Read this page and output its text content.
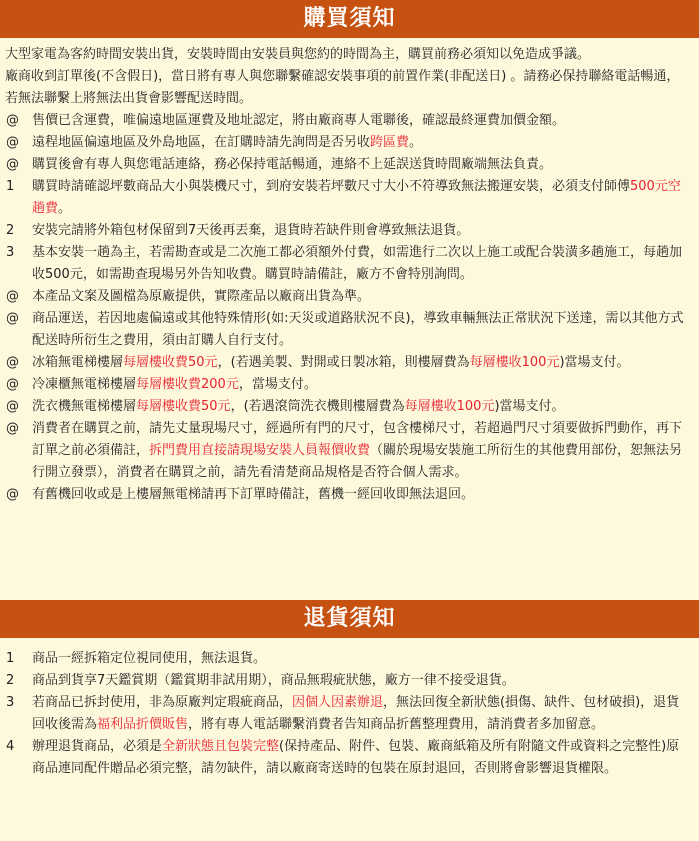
購買須知

大型家電為客約時間安裝出貨，安裝時間由安裝員與您約的時間為主，購買前務必須知以免造成爭議。

廠商收到訂單後(不含假日)，當日將有專人與您聯繫確認安裝事項的前置作業(非配送日) 。請務必保持聯絡電話暢通，若無法聯繫上將無法出貨會影響配送時間。

@	售價已含運費，唯偏遠地區運費及地址認定，將由廠商專人電聯後，確認最終運費加價金額。
@	遠程地區偏遠地區及外島地區，在訂購時請先詢問是否另收跨區費。
@	購買後會有專人與您電話連絡，務必保持電話暢通，連絡不上延誤送貨時間廠端無法負責。
1	購買時請確認坪數商品大小與裝機尺寸，到府安裝若坪數尺寸大小不符導致無法搬運安裝，必須支付師傅500元空趟費。
2	安裝完請將外箱包材保留到7天後再丟棄，退貨時若缺件則會導致無法退貨。
3	基本安裝一趟為主，若需勘查或是二次施工都必須額外付費，如需進行二次以上施工或配合裝潢多趟施工，每趟加收500元，如需勘查現場另外告知收費。購買時請備註，廠方不會特別詢問。
@	本產品文案及圖檔為原廠提供，實際產品以廠商出貨為準。
@	商品運送，若因地處偏遠或其他特殊情形(如:天災或道路狀況不良)，導致車輛無法正常狀況下送達，需以其他方式配送時所衍生之費用，須由訂購人自行支付。
@	冰箱無電梯樓層每層樓收費50元，(若遇美製、對開或日製冰箱，則樓層費為每層樓收100元)當場支付。
@	冷凍櫃無電梯樓層每層樓收費200元，當場支付。
@	洗衣機無電梯樓層每層樓收費50元，(若遇滾筒洗衣機則樓層費為每層樓收100元)當場支付。
@	消費者在購買之前，請先丈量現場尺寸，經過所有門的尺寸，包含樓梯尺寸，若超過門尺寸須要做拆門動作，再下訂單之前必須備註，拆門費用直接請現場安裝人員報價收費（關於現場安裝施工所衍生的其他費用部份，恕無法另行開立發票），消費者在購買之前，請先看清楚商品規格是否符合個人需求。
@	有舊機回收或是上樓層無電梯請再下訂單時備註，舊機一經回收即無法退回。
退貨須知
1	商品一經拆箱定位視同使用，無法退貨。
2	商品到貨享7天鑑賞期（鑑賞期非試用期），商品無瑕疵狀態，廠方一律不接受退貨。
3	若商品已拆封使用，非為原廠判定瑕疵商品，因個人因素辦退，無法回復全新狀態(損傷、缺件、包材破損)，退貨回收後需為福利品折價販售，將有專人電話聯繫消費者告知商品折舊整理費用，請消費者多加留意。
4	辦理退貨商品，必須是全新狀態且包裝完整(保持產品、附件、包裝、廠商紙箱及所有附隨文件或資料之完整性)原商品連同配件贈品必須完整，請勿缺件，請以廠商寄送時的包裝在原封退回，否則將會影響退貨權限。
